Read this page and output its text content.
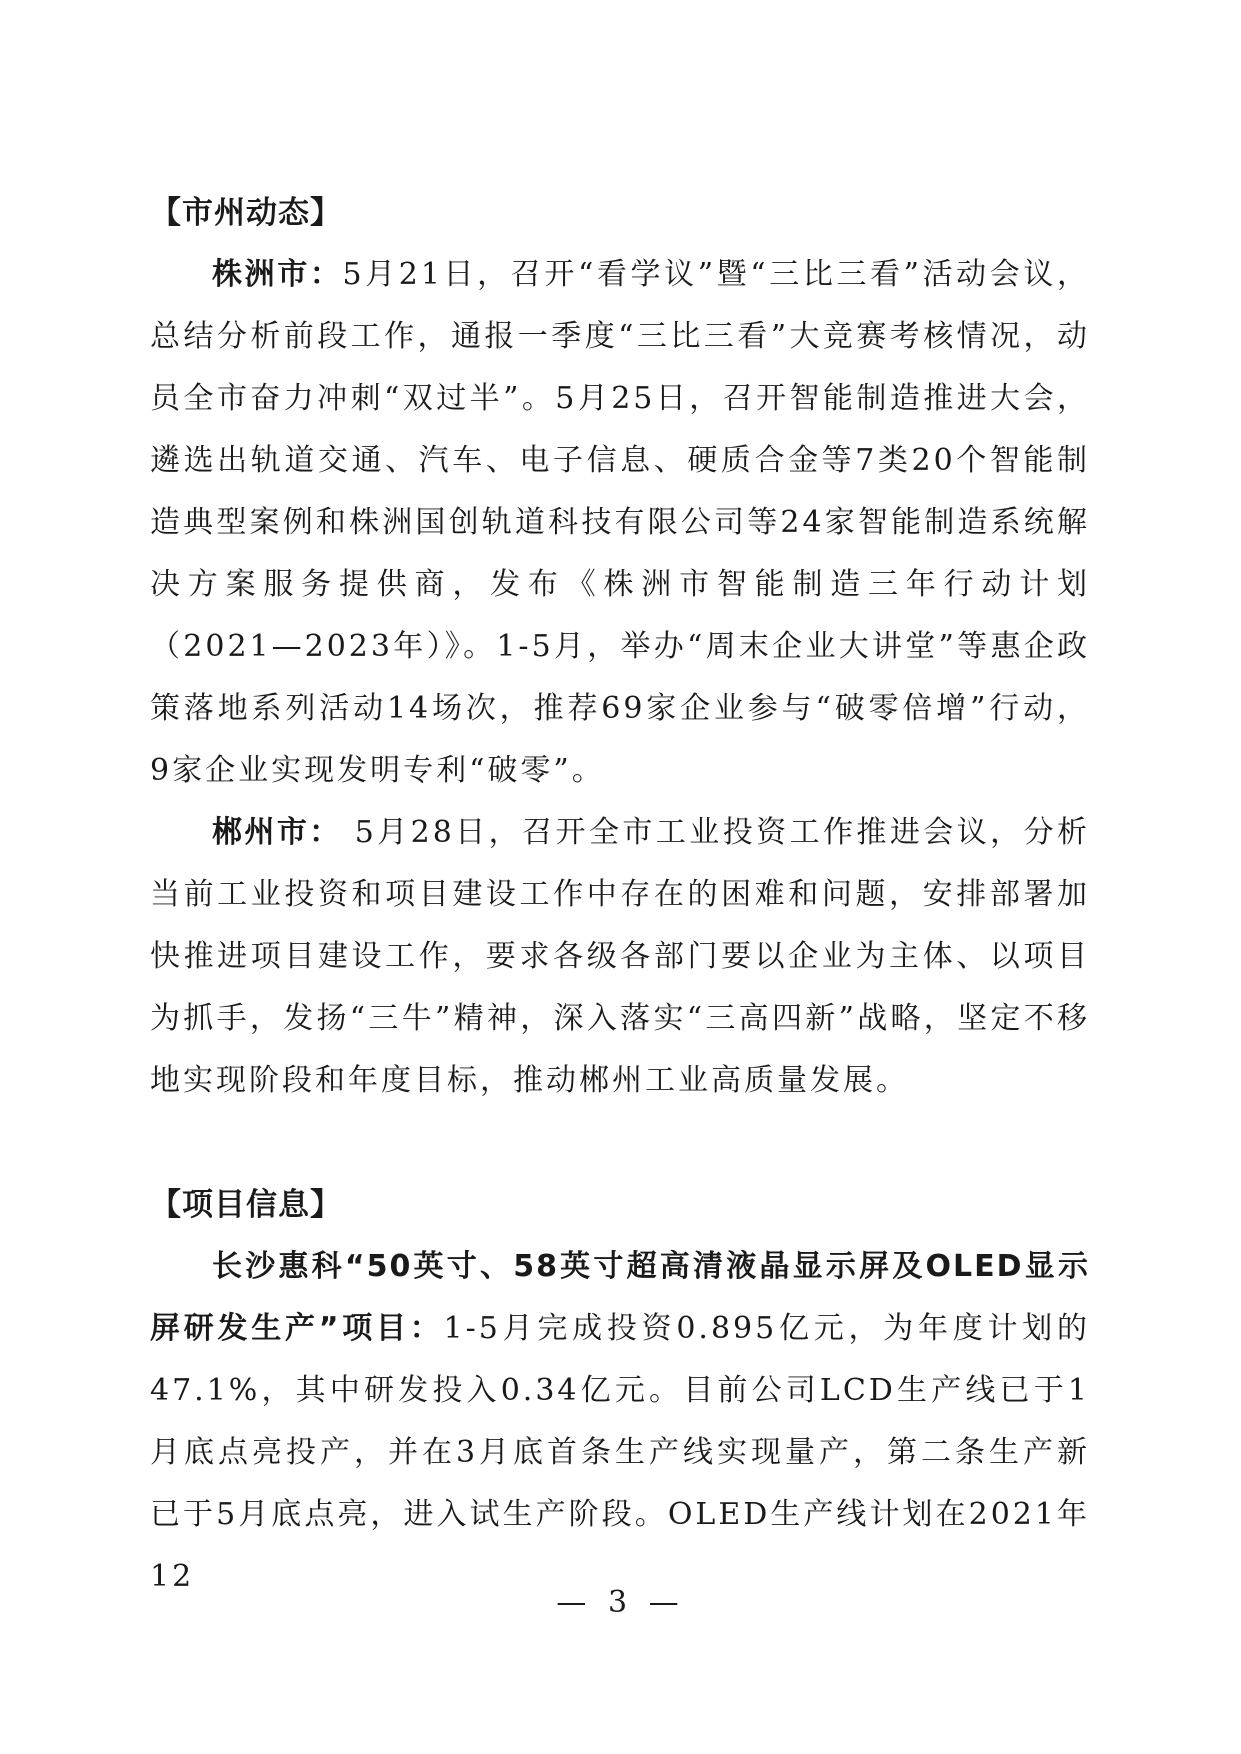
【市州动态】

株洲市：5月21日，召开“看学议”暨“三比三看”活动会议，总结分析前段工作，通报一季度“三比三看”大竞赛考核情况，动员全市奋力冲刺“双过半”。5月25日，召开智能制造推进大会，遴选出轨道交通、汽车、电子信息、硬质合金等7类20个智能制造典型案例和株洲国创轨道科技有限公司等24家智能制造系统解决方案服务提供商，发布《株洲市智能制造三年行动计划（2021—2023年）》。1-5月，举办“周末企业大讲堂”等惠企政策落地系列活动14场次，推荐69家企业参与“破零倍增”行动， 9家企业实现发明专利“破零”。

郴州市： 5月28日，召开全市工业投资工作推进会议，分析当前工业投资和项目建设工作中存在的困难和问题，安排部署加快推进项目建设工作，要求各级各部门要以企业为主体、以项目为抓手，发扬“三牛”精神，深入落实“三高四新”战略，坚定不移地实现阶段和年度目标，推动郴州工业高质量发展。

【项目信息】

长沙惠科“50英寸、58英寸超高清液晶显示屏及OLED显示屏研发生产”项目：1-5月完成投资0.895亿元，为年度计划的47.1%，其中研发投入0.34亿元。目前公司LCD生产线已于1月底点亮投产，并在3月底首条生产线实现量产，第二条生产新已于5月底点亮，进入试生产阶段。OLED生产线计划在2021年12

— 3 —
